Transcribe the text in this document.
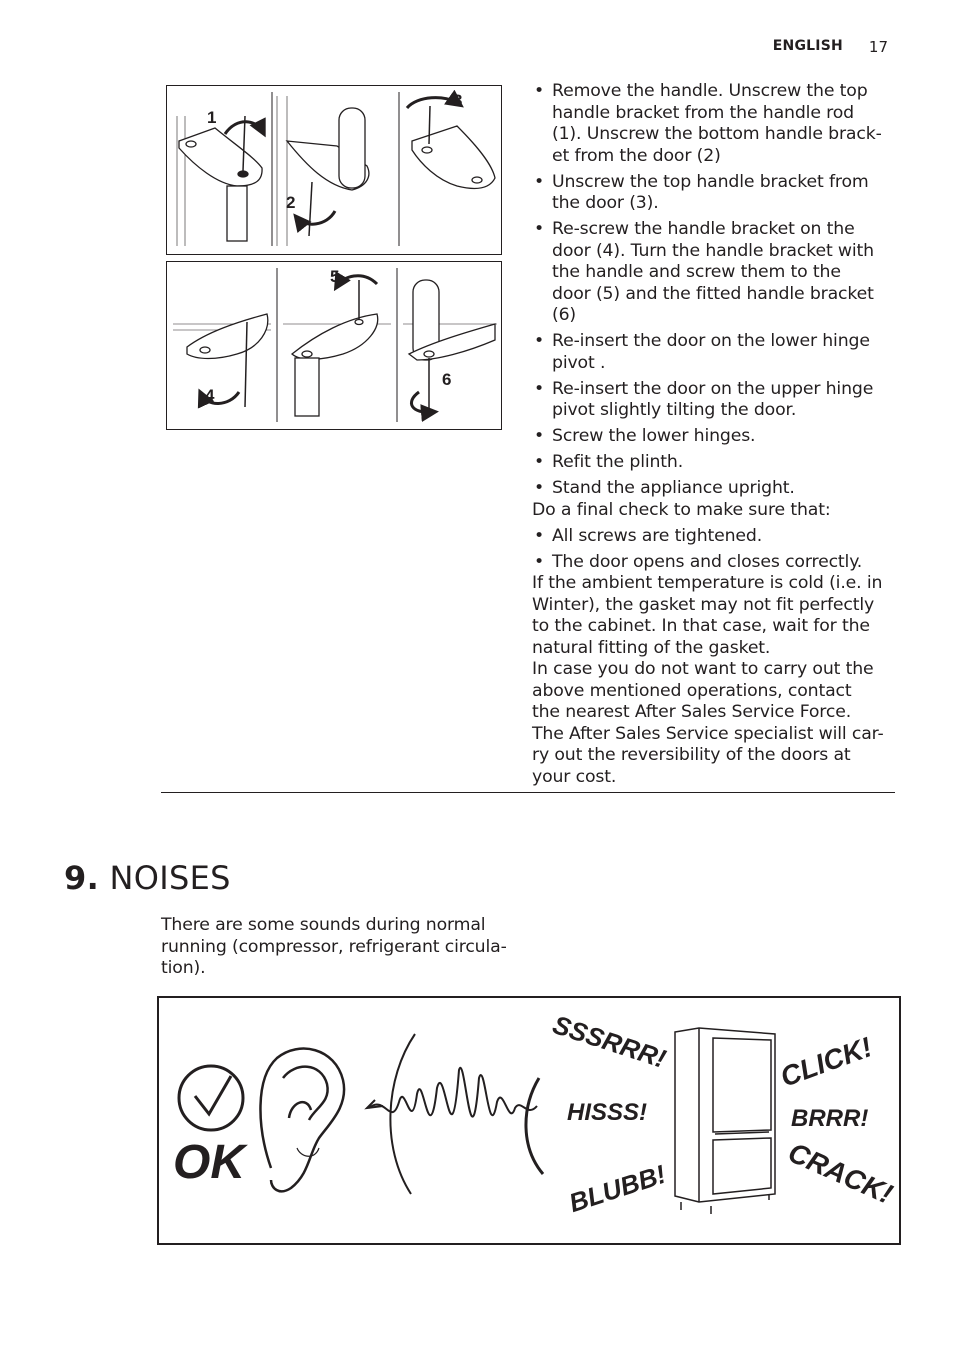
ENGLISH 17
1
2
3
4
5
6
• Remove the handle. Unscrew the top handle bracket from the handle rod (1). Unscrew the bottom handle brack-et from the door (2)
• Unscrew the top handle bracket from the door (3).
• Re-screw the handle bracket on the door (4). Turn the handle bracket with the handle and screw them to the door (5) and the fitted handle bracket (6)
• Re-insert the door on the lower hinge pivot .
• Re-insert the door on the upper hinge pivot slightly tilting the door.
• Screw the lower hinges.
• Refit the plinth.
• Stand the appliance upright.

Do a final check to make sure that:

• All screws are tightened.
• The door opens and closes correctly.

If the ambient temperature is cold (i.e. in Winter), the gasket may not fit perfectly to the cabinet. In that case, wait for the natural fitting of the gasket.

In case you do not want to carry out the above mentioned operations, contact the nearest After Sales Service Force. The After Sales Service specialist will car-ry out the reversibility of the doors at your cost.

9. NOISES
There are some sounds during normal running (compressor, refrigerant circula-tion).
OK
SSSRRR!
HISSS!
BLUBB!
CLICK!
BRRR!
CRACK!
